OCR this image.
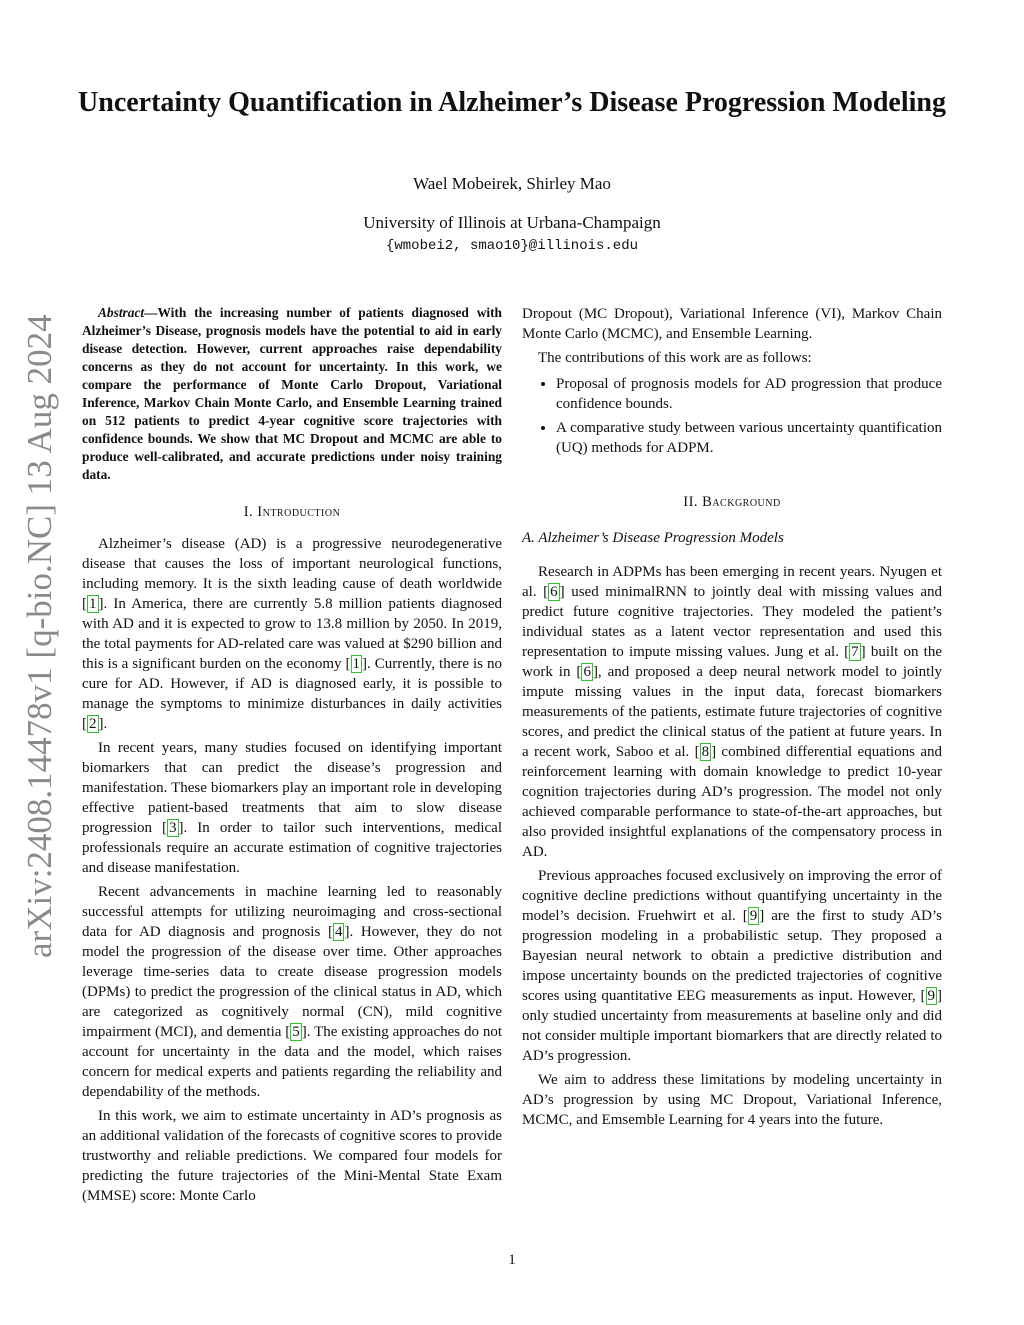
arXiv:2408.14478v1 [q-bio.NC] 13 Aug 2024
Uncertainty Quantification in Alzheimer’s Disease Progression Modeling
Wael Mobeirek, Shirley Mao
University of Illinois at Urbana-Champaign
{wmobei2, smao10}@illinois.edu

Abstract—With the increasing number of patients diagnosed with Alzheimer’s Disease, prognosis models have the potential to aid in early disease detection. However, current approaches raise dependability concerns as they do not account for uncertainty. In this work, we compare the performance of Monte Carlo Dropout, Variational Inference, Markov Chain Monte Carlo, and Ensemble Learning trained on 512 patients to predict 4-year cognitive score trajectories with confidence bounds. We show that MC Dropout and MCMC are able to produce well-calibrated, and accurate predictions under noisy training data.

I. Introduction

Alzheimer’s disease (AD) is a progressive neurodegenerative disease that causes the loss of important neurological functions, including memory. It is the sixth leading cause of death worldwide [ 1 ]. In America, there are currently 5.8 million patients diagnosed with AD and it is expected to grow to 13.8 million by 2050. In 2019, the total payments for AD-related care was valued at $290 billion and this is a significant burden on the economy [ 1 ]. Currently, there is no cure for AD. However, if AD is diagnosed early, it is possible to manage the symptoms to minimize disturbances in daily activities [ 2 ].

In recent years, many studies focused on identifying important biomarkers that can predict the disease’s progression and manifestation. These biomarkers play an important role in developing effective patient-based treatments that aim to slow disease progression [ 3 ]. In order to tailor such interventions, medical professionals require an accurate estimation of cognitive trajectories and disease manifestation.

Recent advancements in machine learning led to reasonably successful attempts for utilizing neuroimaging and cross-sectional data for AD diagnosis and prognosis [ 4 ]. However, they do not model the progression of the disease over time. Other approaches leverage time-series data to create disease progression models (DPMs) to predict the progression of the clinical status in AD, which are categorized as cognitively normal (CN), mild cognitive impairment (MCI), and dementia [ 5 ]. The existing approaches do not account for uncertainty in the data and the model, which raises concern for medical experts and patients regarding the reliability and dependability of the methods.

In this work, we aim to estimate uncertainty in AD’s prognosis as an additional validation of the forecasts of cognitive scores to provide trustworthy and reliable predictions. We compared four models for predicting the future trajectories of the Mini-Mental State Exam (MMSE) score: Monte Carlo

Dropout (MC Dropout), Variational Inference (VI), Markov Chain Monte Carlo (MCMC), and Ensemble Learning.

The contributions of this work are as follows:

• Proposal of prognosis models for AD progression that produce confidence bounds.
• A comparative study between various uncertainty quantification (UQ) methods for ADPM.
II. Background
A. Alzheimer’s Disease Progression Models

Research in ADPMs has been emerging in recent years. Nyugen et al. [ 6 ] used minimalRNN to jointly deal with missing values and predict future cognitive trajectories. They modeled the patient’s individual states as a latent vector representation and used this representation to impute missing values. Jung et al. [ 7 ] built on the work in [ 6 ], and proposed a deep neural network model to jointly impute missing values in the input data, forecast biomarkers measurements of the patients, estimate future trajectories of cognitive scores, and predict the clinical status of the patient at future years. In a recent work, Saboo et al. [ 8 ] combined differential equations and reinforcement learning with domain knowledge to predict 10-year cognition trajectories during AD’s progression. The model not only achieved comparable performance to state-of-the-art approaches, but also provided insightful explanations of the compensatory process in AD.

Previous approaches focused exclusively on improving the error of cognitive decline predictions without quantifying uncertainty in the model’s decision. Fruehwirt et al. [ 9 ] are the first to study AD’s progression modeling in a probabilistic setup. They proposed a Bayesian neural network to obtain a predictive distribution and impose uncertainty bounds on the predicted trajectories of cognitive scores using quantitative EEG measurements as input. However, [ 9 ] only studied uncertainty from measurements at baseline only and did not consider multiple important biomarkers that are directly related to AD’s progression.

We aim to address these limitations by modeling uncertainty in AD’s progression by using MC Dropout, Variational Inference, MCMC, and Emsemble Learning for 4 years into the future.

1
